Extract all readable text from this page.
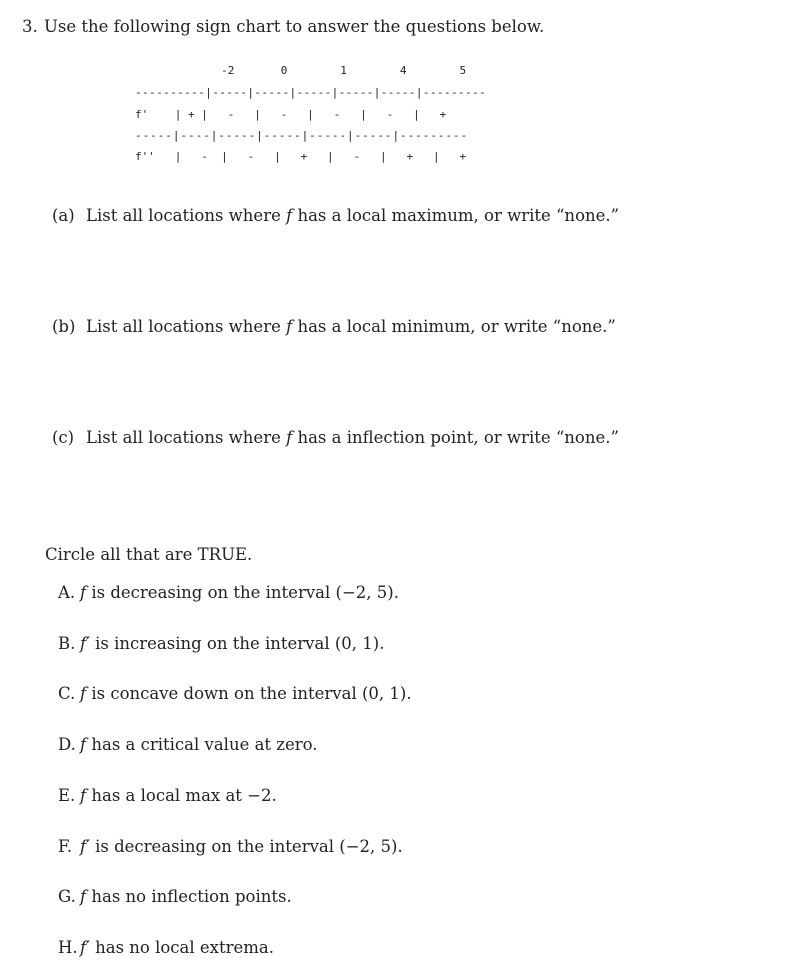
3. Use the following sign chart to answer the questions below.
-2       0        1        4        5
----------|-----|-----|-----|-----|-----|---------
f'    | + |   -   |   -   |   -   |   -   |   +
-----|----|-----|-----|-----|-----|---------
f''   |   -  |   -   |   +   |   -   |   +   |   +
(a) List all locations where f has a local maximum, or write “none.”
(b) List all locations where f has a local minimum, or write “none.”
(c) List all locations where f has a inflection point, or write “none.”
Circle all that are TRUE.
A. f is decreasing on the interval (−2, 5).
B. f′ is increasing on the interval (0, 1).
C. f is concave down on the interval (0, 1).
D. f has a critical value at zero.
E. f has a local max at −2.
F. f′ is decreasing on the interval (−2, 5).
G. f has no inflection points.
H. f′ has no local extrema.
